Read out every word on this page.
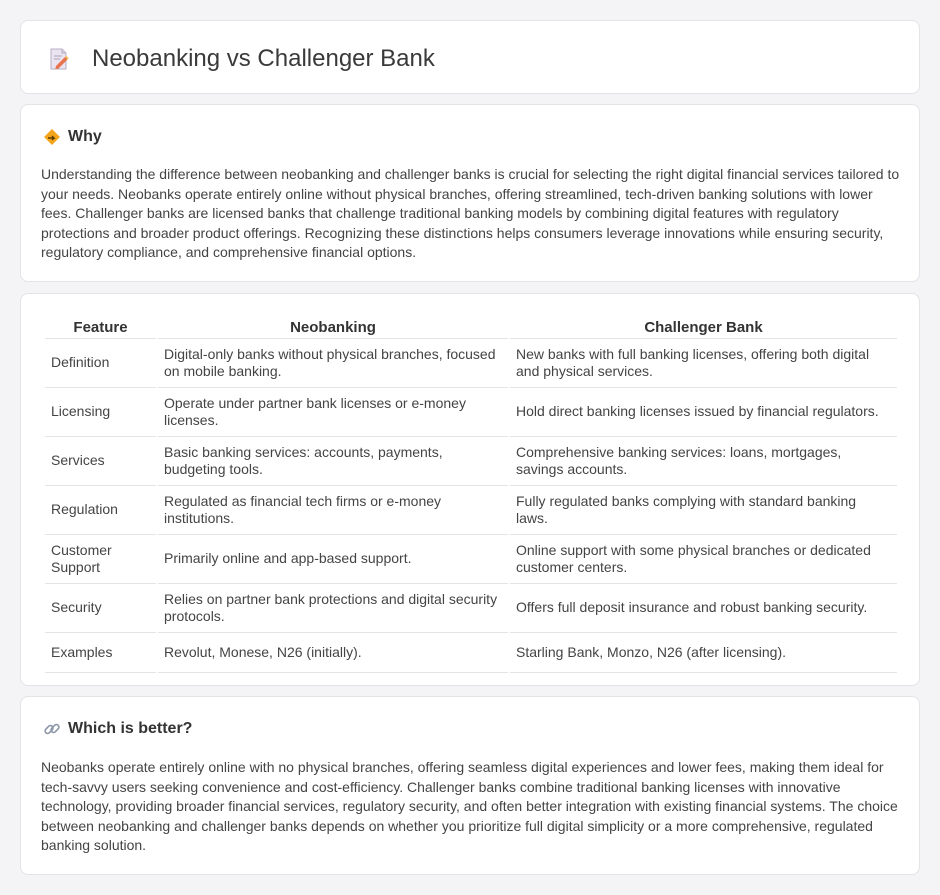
Neobanking vs Challenger Bank
Why

Understanding the difference between neobanking and challenger banks is crucial for selecting the right digital financial services tailored to your needs. Neobanks operate entirely online without physical branches, offering streamlined, tech-driven banking solutions with lower fees. Challenger banks are licensed banks that challenge traditional banking models by combining digital features with regulatory protections and broader product offerings. Recognizing these distinctions helps consumers leverage innovations while ensuring security, regulatory compliance, and comprehensive financial options.

Feature	Neobanking	Challenger Bank
Definition	Digital-only banks without physical branches, focused on mobile banking.	New banks with full banking licenses, offering both digital and physical services.
Licensing	Operate under partner bank licenses or e-money licenses.	Hold direct banking licenses issued by financial regulators.
Services	Basic banking services: accounts, payments, budgeting tools.	Comprehensive banking services: loans, mortgages, savings accounts.
Regulation	Regulated as financial tech firms or e-money institutions.	Fully regulated banks complying with standard banking laws.
Customer Support	Primarily online and app-based support.	Online support with some physical branches or dedicated customer centers.
Security	Relies on partner bank protections and digital security protocols.	Offers full deposit insurance and robust banking security.
Examples	Revolut, Monese, N26 (initially).	Starling Bank, Monzo, N26 (after licensing).
Which is better?

Neobanks operate entirely online with no physical branches, offering seamless digital experiences and lower fees, making them ideal for tech-savvy users seeking convenience and cost-efficiency. Challenger banks combine traditional banking licenses with innovative technology, providing broader financial services, regulatory security, and often better integration with existing financial systems. The choice between neobanking and challenger banks depends on whether you prioritize full digital simplicity or a more comprehensive, regulated banking solution.
